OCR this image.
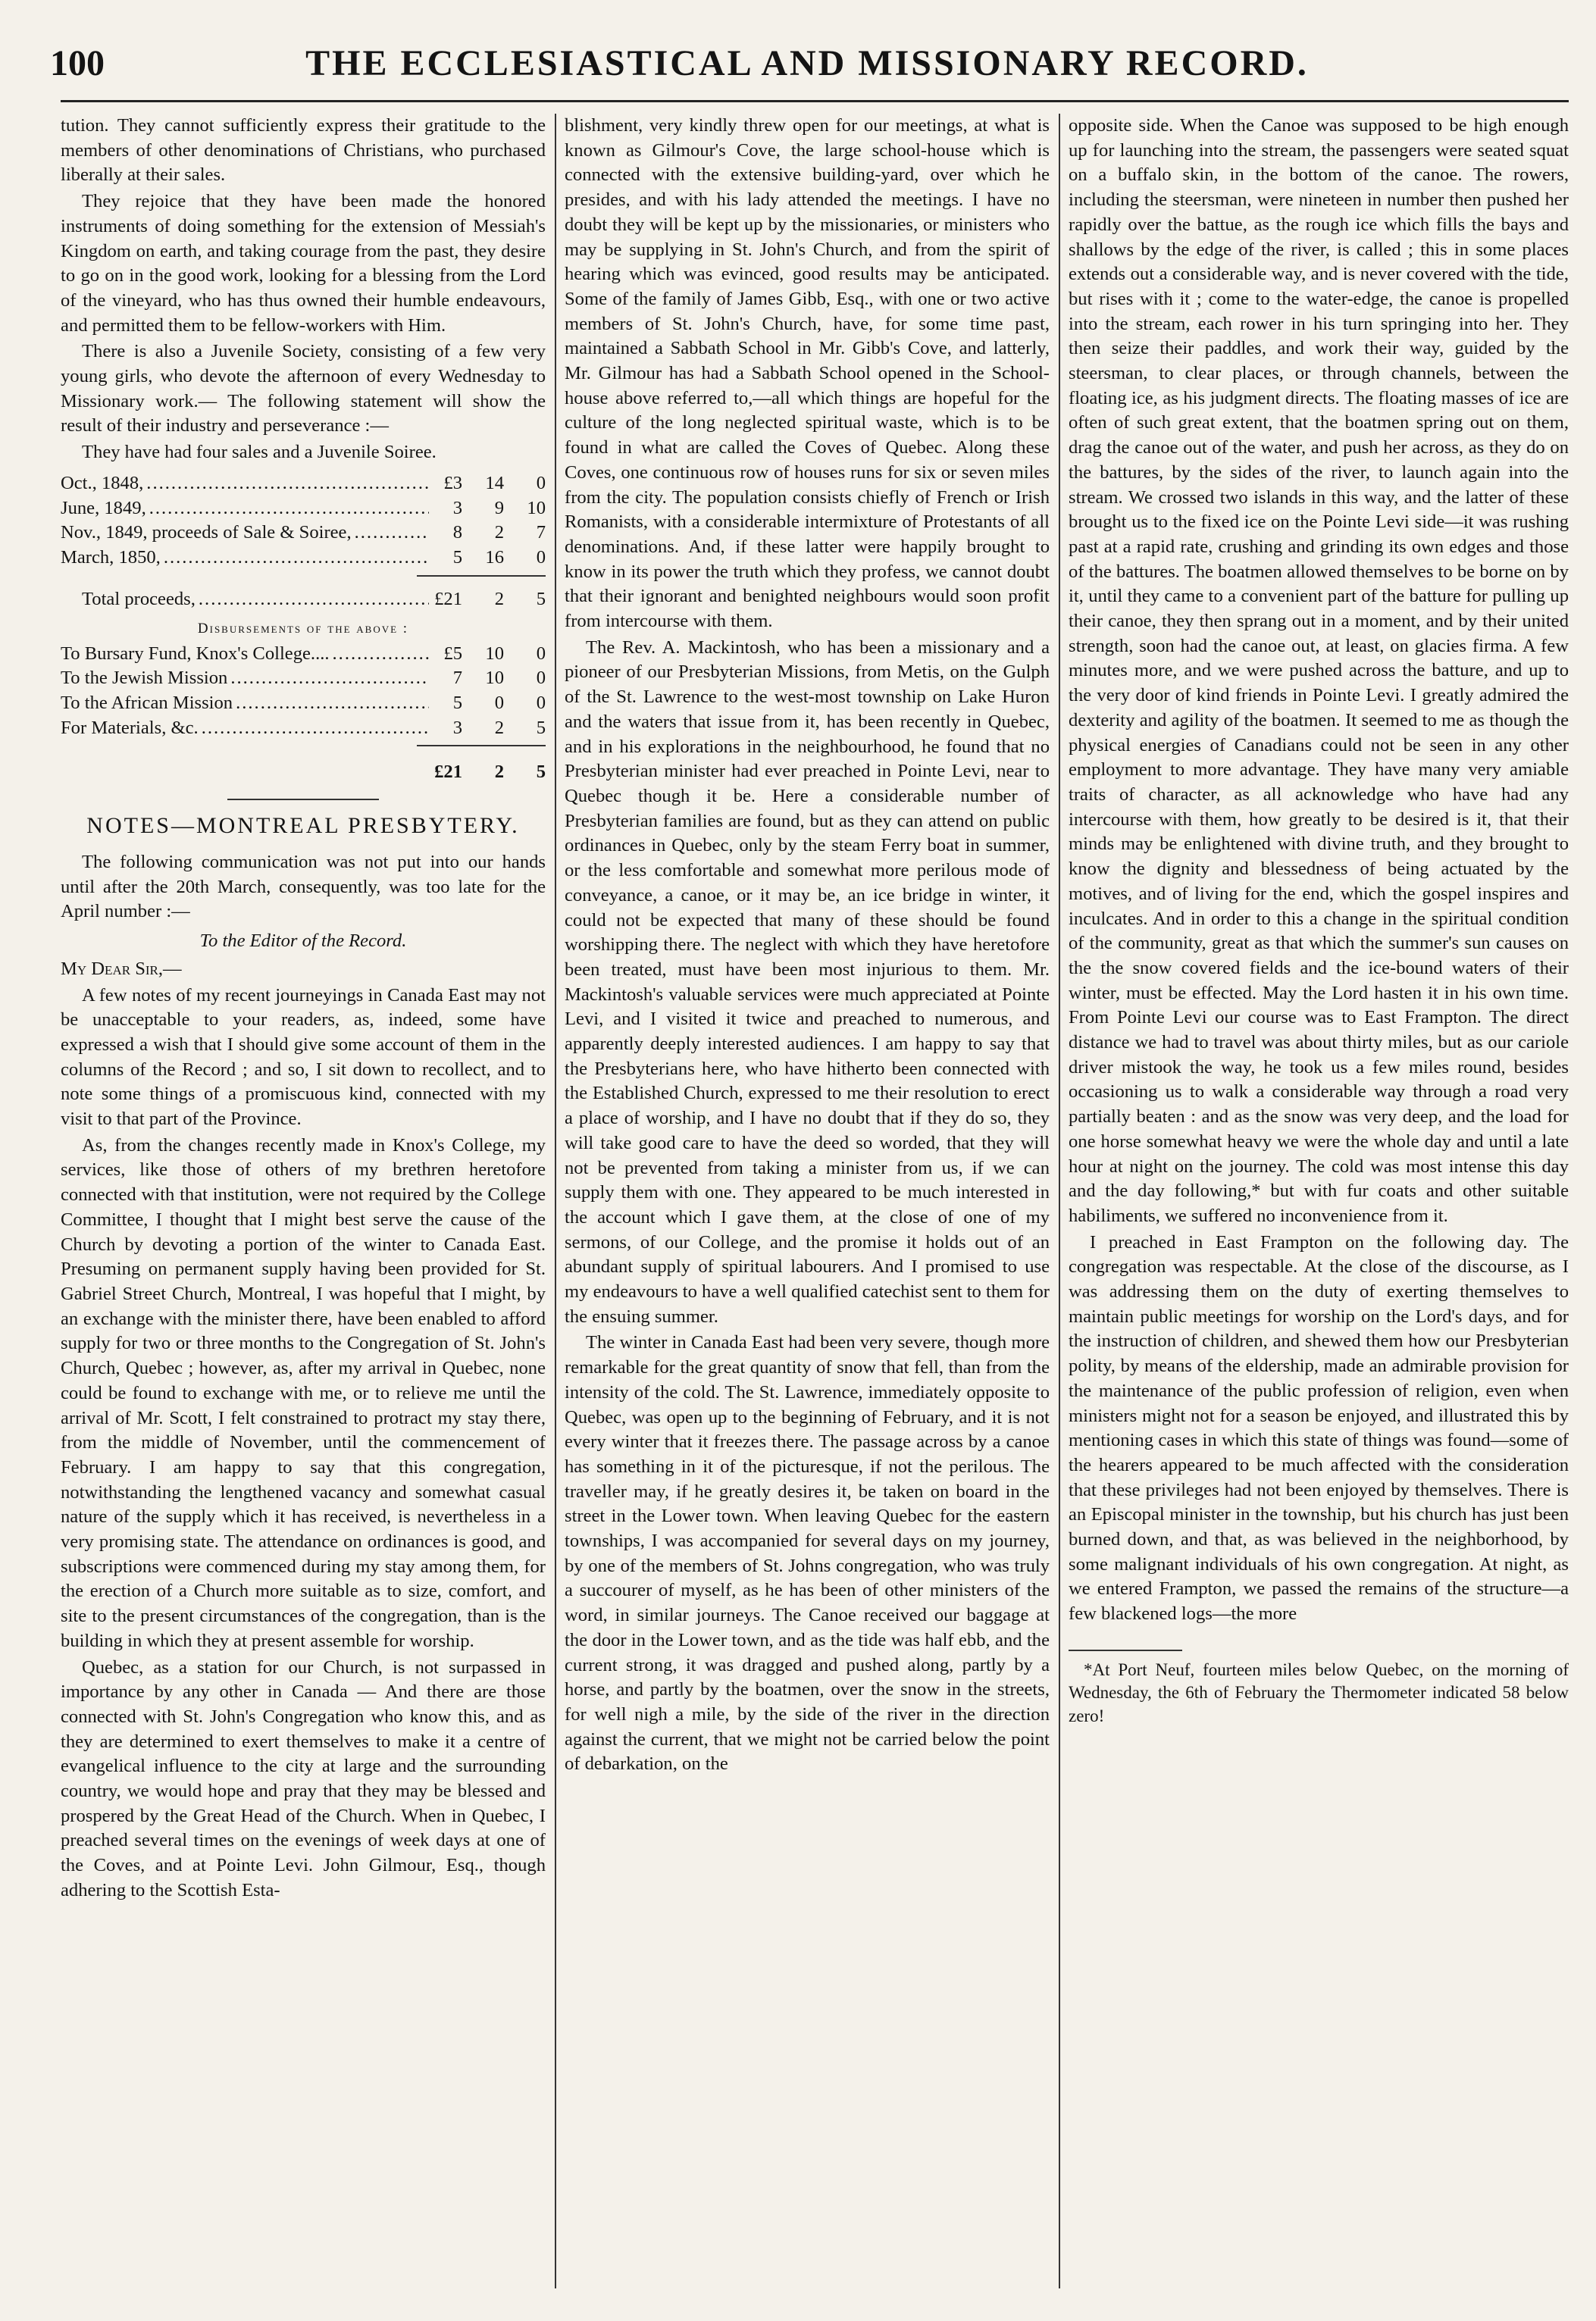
100	THE ECCLESIASTICAL AND MISSIONARY RECORD.

tution. They cannot sufficiently express their gratitude to the members of other denominations of Christians, who purchased liberally at their sales.

They rejoice that they have been made the honored instruments of doing something for the extension of Messiah's Kingdom on earth, and taking courage from the past, they desire to go on in the good work, looking for a blessing from the Lord of the vineyard, who has thus owned their humble endeavours, and permitted them to be fellow-workers with Him.

There is also a Juvenile Society, consisting of a few very young girls, who devote the afternoon of every Wednesday to Missionary work.— The following statement will show the result of their industry and perseverance :—

They have had four sales and a Juvenile Soiree.

Oct., 1848, .....	£3	14	0
June, 1849, .....	3	9	10
Nov., 1849, proceeds of Sale & Soiree, .....	8	2	7
March, 1850, .....	5	16	0
Total proceeds, .....	£21	2	5
Disbursements of the above :
To Bursary Fund, Knox's College.... .....	£5	10	0
To the Jewish Mission .....	7	10	0
To the African Mission .....	5	0	0
For Materials, &c. .....	3	2	5
£21	2	5
NOTES—MONTREAL PRESBYTERY.

The following communication was not put into our hands until after the 20th March, consequently, was too late for the April number :—

To the Editor of the Record.

My Dear Sir,—

A few notes of my recent journeyings in Canada East may not be unacceptable to your readers, as, indeed, some have expressed a wish that I should give some account of them in the columns of the Record ; and so, I sit down to recollect, and to note some things of a promiscuous kind, connected with my visit to that part of the Province.

As, from the changes recently made in Knox's College, my services, like those of others of my brethren heretofore connected with that institution, were not required by the College Committee, I thought that I might best serve the cause of the Church by devoting a portion of the winter to Canada East. Presuming on permanent supply having been provided for St. Gabriel Street Church, Montreal, I was hopeful that I might, by an exchange with the minister there, have been enabled to afford supply for two or three months to the Congregation of St. John's Church, Quebec ; however, as, after my arrival in Quebec, none could be found to exchange with me, or to relieve me until the arrival of Mr. Scott, I felt constrained to protract my stay there, from the middle of November, until the commencement of February. I am happy to say that this congregation, notwithstanding the lengthened vacancy and somewhat casual nature of the supply which it has received, is nevertheless in a very promising state. The attendance on ordinances is good, and subscriptions were commenced during my stay among them, for the erection of a Church more suitable as to size, comfort, and site to the present circumstances of the congregation, than is the building in which they at present assemble for worship.

Quebec, as a station for our Church, is not surpassed in importance by any other in Canada — And there are those connected with St. John's Congregation who know this, and as they are determined to exert themselves to make it a centre of evangelical influence to the city at large and the surrounding country, we would hope and pray that they may be blessed and prospered by the Great Head of the Church. When in Quebec, I preached several times on the evenings of week days at one of the Coves, and at Pointe Levi. John Gilmour, Esq., though adhering to the Scottish Esta-

blishment, very kindly threw open for our meetings, at what is known as Gilmour's Cove, the large school-house which is connected with the extensive building-yard, over which he presides, and with his lady attended the meetings. I have no doubt they will be kept up by the missionaries, or ministers who may be supplying in St. John's Church, and from the spirit of hearing which was evinced, good results may be anticipated. Some of the family of James Gibb, Esq., with one or two active members of St. John's Church, have, for some time past, maintained a Sabbath School in Mr. Gibb's Cove, and latterly, Mr. Gilmour has had a Sabbath School opened in the School-house above referred to,—all which things are hopeful for the culture of the long neglected spiritual waste, which is to be found in what are called the Coves of Quebec. Along these Coves, one continuous row of houses runs for six or seven miles from the city. The population consists chiefly of French or Irish Romanists, with a considerable intermixture of Protestants of all denominations. And, if these latter were happily brought to know in its power the truth which they profess, we cannot doubt that their ignorant and benighted neighbours would soon profit from intercourse with them.

The Rev. A. Mackintosh, who has been a missionary and a pioneer of our Presbyterian Missions, from Metis, on the Gulph of the St. Lawrence to the west-most township on Lake Huron and the waters that issue from it, has been recently in Quebec, and in his explorations in the neighbourhood, he found that no Presbyterian minister had ever preached in Pointe Levi, near to Quebec though it be. Here a considerable number of Presbyterian families are found, but as they can attend on public ordinances in Quebec, only by the steam Ferry boat in summer, or the less comfortable and somewhat more perilous mode of conveyance, a canoe, or it may be, an ice bridge in winter, it could not be expected that many of these should be found worshipping there. The neglect with which they have heretofore been treated, must have been most injurious to them. Mr. Mackintosh's valuable services were much appreciated at Pointe Levi, and I visited it twice and preached to numerous, and apparently deeply interested audiences. I am happy to say that the Presbyterians here, who have hitherto been connected with the Established Church, expressed to me their resolution to erect a place of worship, and I have no doubt that if they do so, they will take good care to have the deed so worded, that they will not be prevented from taking a minister from us, if we can supply them with one. They appeared to be much interested in the account which I gave them, at the close of one of my sermons, of our College, and the promise it holds out of an abundant supply of spiritual labourers. And I promised to use my endeavours to have a well qualified catechist sent to them for the ensuing summer.

The winter in Canada East had been very severe, though more remarkable for the great quantity of snow that fell, than from the intensity of the cold. The St. Lawrence, immediately opposite to Quebec, was open up to the beginning of February, and it is not every winter that it freezes there. The passage across by a canoe has something in it of the picturesque, if not the perilous. The traveller may, if he greatly desires it, be taken on board in the street in the Lower town. When leaving Quebec for the eastern townships, I was accompanied for several days on my journey, by one of the members of St. Johns congregation, who was truly a succourer of myself, as he has been of other ministers of the word, in similar journeys. The Canoe received our baggage at the door in the Lower town, and as the tide was half ebb, and the current strong, it was dragged and pushed along, partly by a horse, and partly by the boatmen, over the snow in the streets, for well nigh a mile, by the side of the river in the direction against the current, that we might not be carried below the point of debarkation, on the

opposite side. When the Canoe was supposed to be high enough up for launching into the stream, the passengers were seated squat on a buffalo skin, in the bottom of the canoe. The rowers, including the steersman, were nineteen in number then pushed her rapidly over the battue, as the rough ice which fills the bays and shallows by the edge of the river, is called ; this in some places extends out a considerable way, and is never covered with the tide, but rises with it ; come to the water-edge, the canoe is propelled into the stream, each rower in his turn springing into her. They then seize their paddles, and work their way, guided by the steersman, to clear places, or through channels, between the floating ice, as his judgment directs. The floating masses of ice are often of such great extent, that the boatmen spring out on them, drag the canoe out of the water, and push her across, as they do on the battures, by the sides of the river, to launch again into the stream. We crossed two islands in this way, and the latter of these brought us to the fixed ice on the Pointe Levi side—it was rushing past at a rapid rate, crushing and grinding its own edges and those of the battures. The boatmen allowed themselves to be borne on by it, until they came to a convenient part of the batture for pulling up their canoe, they then sprang out in a moment, and by their united strength, soon had the canoe out, at least, on glacies firma. A few minutes more, and we were pushed across the batture, and up to the very door of kind friends in Pointe Levi. I greatly admired the dexterity and agility of the boatmen. It seemed to me as though the physical energies of Canadians could not be seen in any other employment to more advantage. They have many very amiable traits of character, as all acknowledge who have had any intercourse with them, how greatly to be desired is it, that their minds may be enlightened with divine truth, and they brought to know the dignity and blessedness of being actuated by the motives, and of living for the end, which the gospel inspires and inculcates. And in order to this a change in the spiritual condition of the community, great as that which the summer's sun causes on the the snow covered fields and the ice-bound waters of their winter, must be effected. May the Lord hasten it in his own time. From Pointe Levi our course was to East Frampton. The direct distance we had to travel was about thirty miles, but as our cariole driver mistook the way, he took us a few miles round, besides occasioning us to walk a considerable way through a road very partially beaten : and as the snow was very deep, and the load for one horse somewhat heavy we were the whole day and until a late hour at night on the journey. The cold was most intense this day and the day following,* but with fur coats and other suitable habiliments, we suffered no inconvenience from it.

I preached in East Frampton on the following day. The congregation was respectable. At the close of the discourse, as I was addressing them on the duty of exerting themselves to maintain public meetings for worship on the Lord's days, and for the instruction of children, and shewed them how our Presbyterian polity, by means of the eldership, made an admirable provision for the maintenance of the public profession of religion, even when ministers might not for a season be enjoyed, and illustrated this by mentioning cases in which this state of things was found—some of the hearers appeared to be much affected with the consideration that these privileges had not been enjoyed by themselves. There is an Episcopal minister in the township, but his church has just been burned down, and that, as was believed in the neighborhood, by some malignant individuals of his own congregation. At night, as we entered Frampton, we passed the remains of the structure—a few blackened logs—the more

*At Port Neuf, fourteen miles below Quebec, on the morning of Wednesday, the 6th of February the Thermometer indicated 58 below zero!
